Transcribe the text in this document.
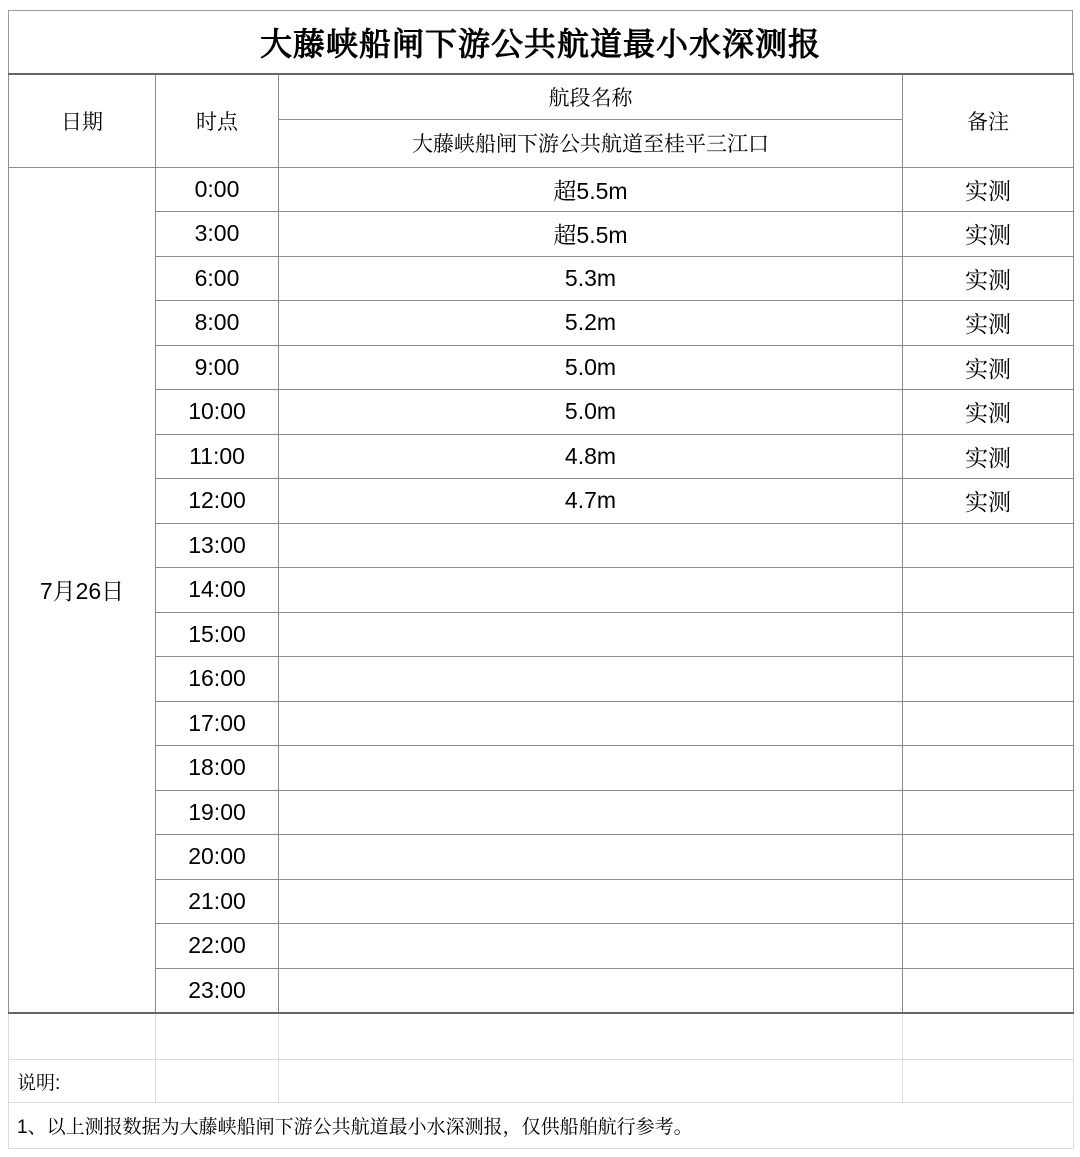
大藤峡船闸下游公共航道最小水深测报
日期	时点	航段名称	备注
		大藤峡船闸下游公共航道至桂平三江口	
7月26日	0:00	超5.5m	实测
	3:00	超5.5m	实测
	6:00	5.3m	实测
	8:00	5.2m	实测
	9:00	5.0m	实测
	10:00	5.0m	实测
	11:00	4.8m	实测
	12:00	4.7m	实测
	13:00		
	14:00		
	15:00		
	16:00		
	17:00		
	18:00		
	19:00		
	20:00		
	21:00		
	22:00		
	23:00		

说明:			
1、以上测报数据为大藤峡船闸下游公共航道最小水深测报，仅供船舶航行参考。			
